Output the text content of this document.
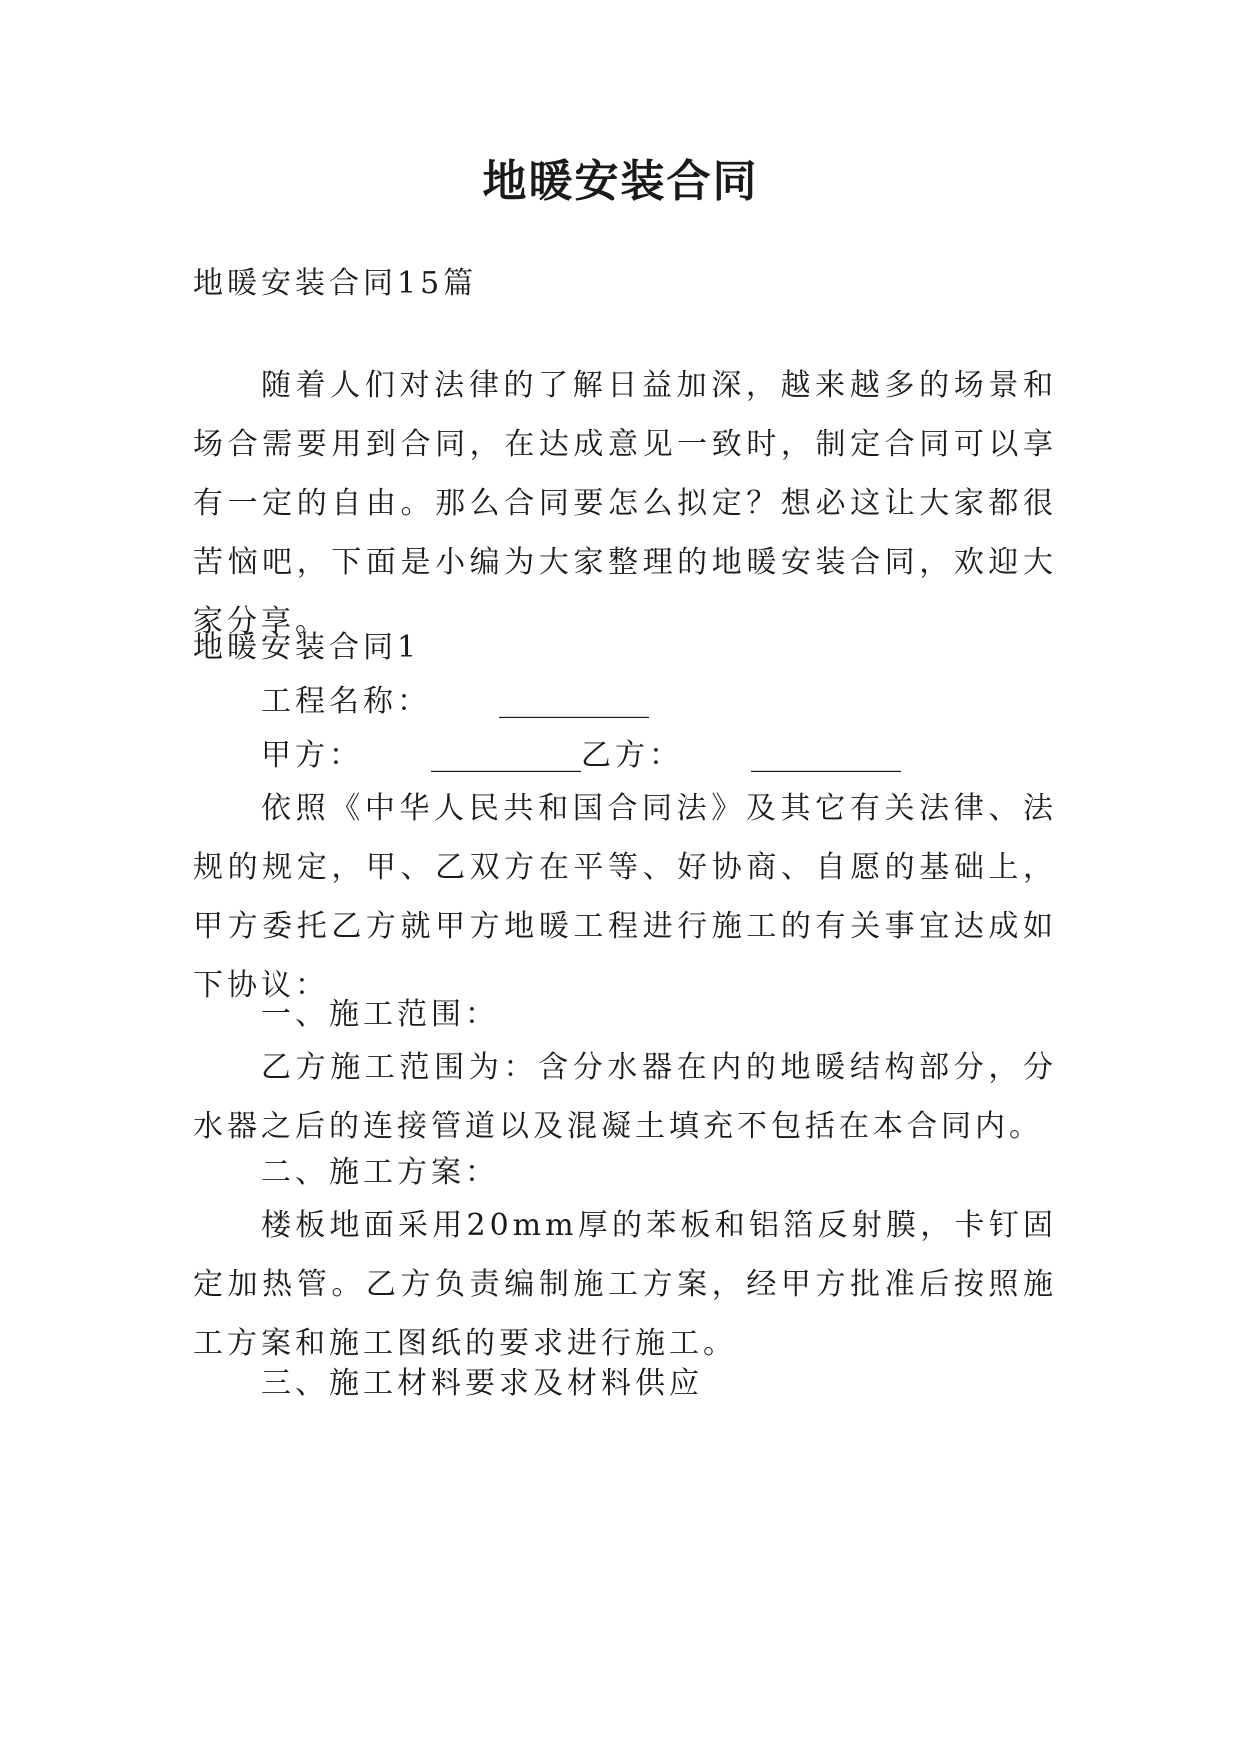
地暖安装合同

地暖安装合同15篇

随着人们对法律的了解日益加深，越来越多的场景和场合需要用到合同，在达成意见一致时，制定合同可以享有一定的自由。那么合同要怎么拟定？想必这让大家都很苦恼吧，下面是小编为大家整理的地暖安装合同，欢迎大家分享。

地暖安装合同1

工程名称： __________

甲方： __________乙方： __________

依照《中华人民共和国合同法》及其它有关法律、法规的规定，甲、乙双方在平等、好协商、自愿的基础上，甲方委托乙方就甲方地暖工程进行施工的有关事宜达成如下协议：

一、施工范围：

乙方施工范围为：含分水器在内的地暖结构部分，分水器之后的连接管道以及混凝土填充不包括在本合同内。

二、施工方案：

楼板地面采用20mm厚的苯板和铝箔反射膜，卡钉固定加热管。乙方负责编制施工方案，经甲方批准后按照施工方案和施工图纸的要求进行施工。

三、施工材料要求及材料供应
